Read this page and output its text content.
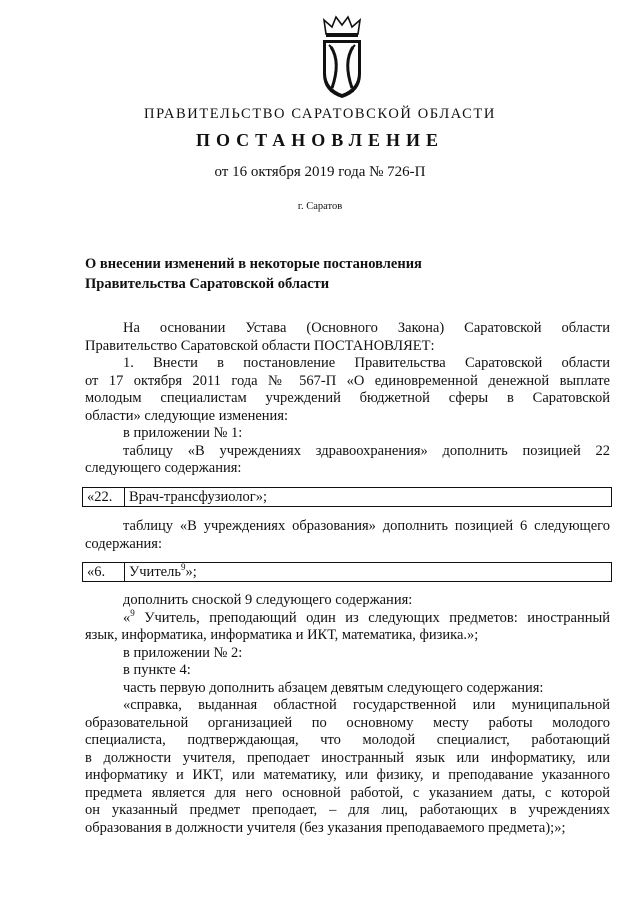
ПРАВИТЕЛЬСТВО САРАТОВСКОЙ ОБЛАСТИ
ПОСТАНОВЛЕНИЕ
от 16 октября 2019 года № 726-П
г. Саратов
О внесении изменений в некоторые постановления
Правительства Саратовской области

На основании Устава (Основного Закона) Саратовской области

Правительство Саратовской области ПОСТАНОВЛЯЕТ:

1. Внести в постановление Правительства Саратовской области

от 17 октября 2011 года № 567-П «О единовременной денежной выплате

молодым специалистам учреждений бюджетной сферы в Саратовской

области» следующие изменения:

в приложении № 1:

таблицу «В учреждениях здравоохранения» дополнить позицией 22

следующего содержания:

«22.	Врач-трансфузиолог»;

таблицу «В учреждениях образования» дополнить позицией 6 следующего

содержания:

«6.	Учитель$^9$»;

дополнить сноской 9 следующего содержания:

«$^9$ Учитель, преподающий один из следующих предметов: иностранный

язык, информатика, информатика и ИКТ, математика, физика.»;

в приложении № 2:

в пункте 4:

часть первую дополнить абзацем девятым следующего содержания:

«справка, выданная областной государственной или муниципальной

образовательной организацией по основному месту работы молодого

специалиста, подтверждающая, что молодой специалист, работающий

в должности учителя, преподает иностранный язык или информатику, или

информатику и ИКТ, или математику, или физику, и преподавание указанного

предмета является для него основной работой, с указанием даты, с которой

он указанный предмет преподает, – для лиц, работающих в учреждениях

образования в должности учителя (без указания преподаваемого предмета);»;
